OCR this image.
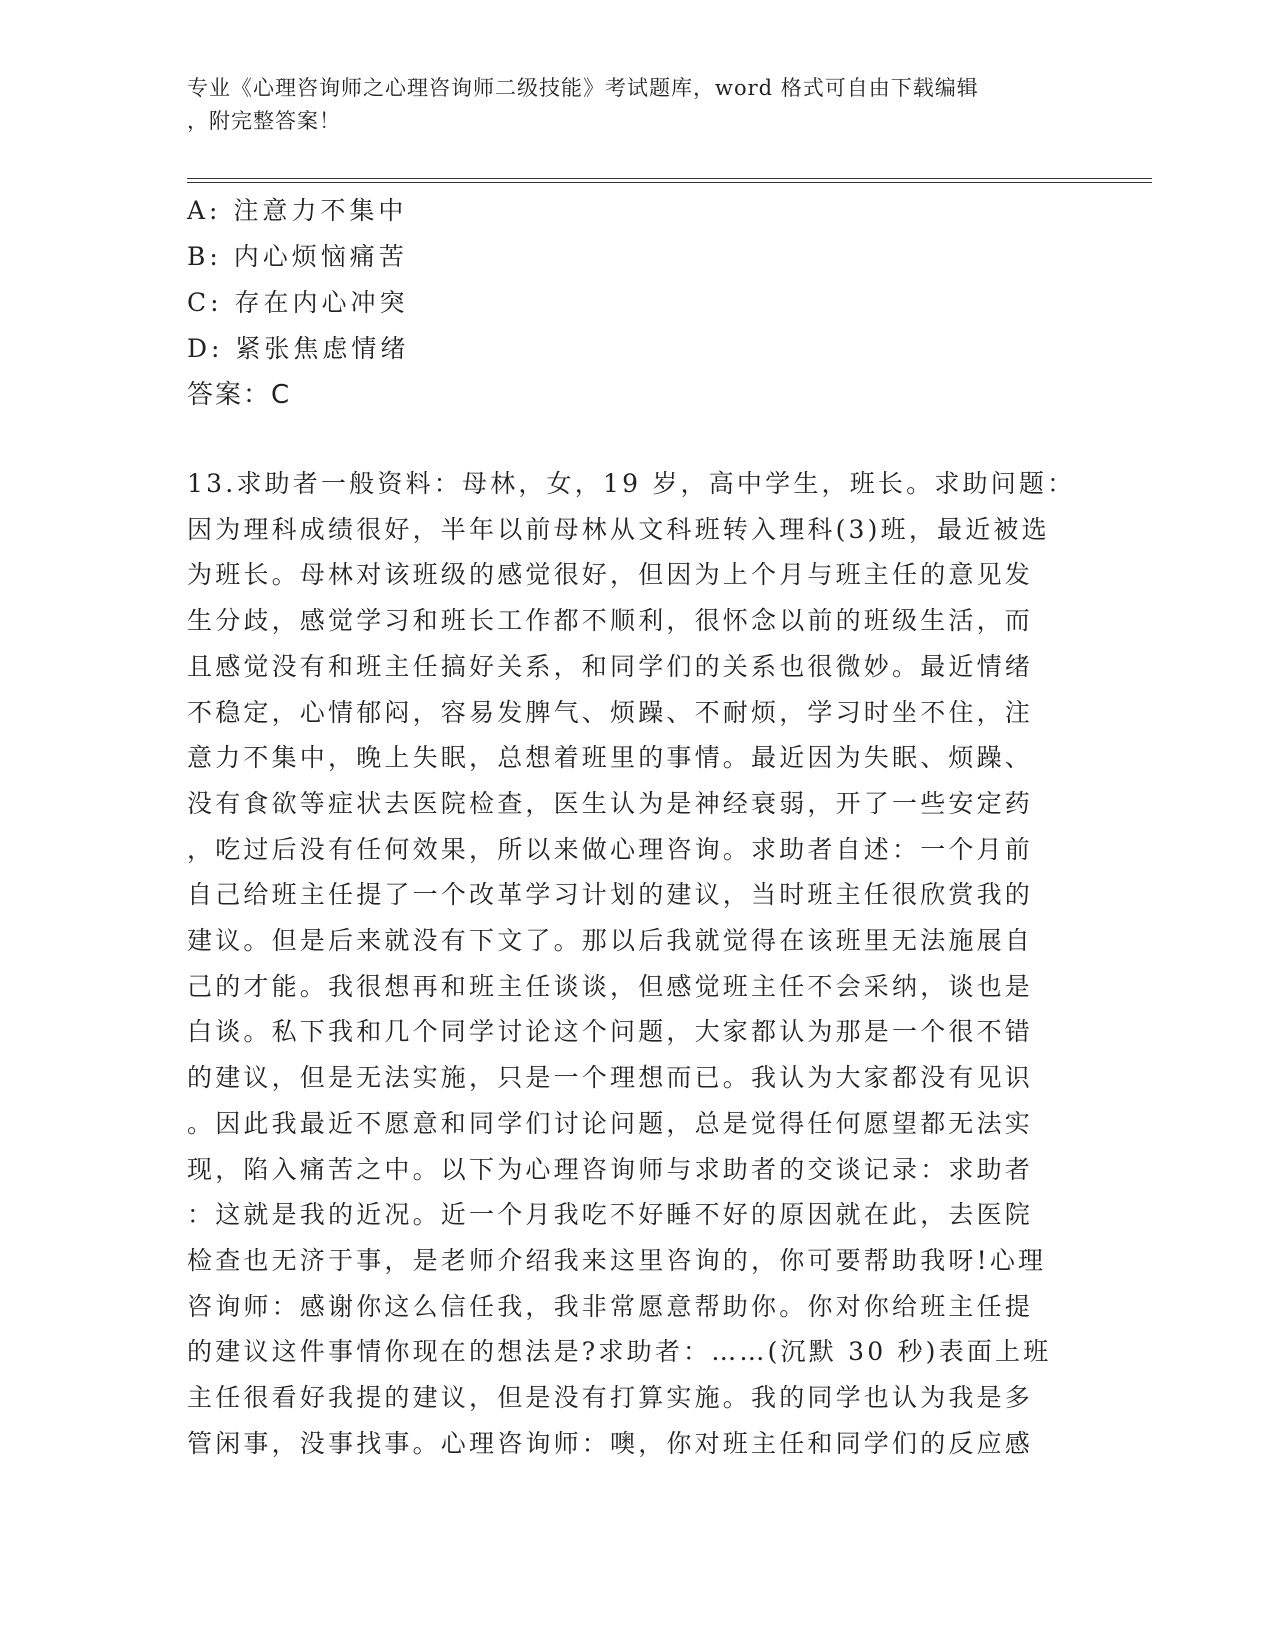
专业《心理咨询师之心理咨询师二级技能》考试题库，word 格式可自由下载编辑
，附完整答案！
A: 注意力不集中
B: 内心烦恼痛苦
C: 存在内心冲突
D: 紧张焦虑情绪
答案：C
13.求助者一般资料：母林，女，19 岁，高中学生，班长。求助问题：
因为理科成绩很好，半年以前母林从文科班转入理科(3)班，最近被选
为班长。母林对该班级的感觉很好，但因为上个月与班主任的意见发
生分歧，感觉学习和班长工作都不顺利，很怀念以前的班级生活，而
且感觉没有和班主任搞好关系，和同学们的关系也很微妙。最近情绪
不稳定，心情郁闷，容易发脾气、烦躁、不耐烦，学习时坐不住，注
意力不集中，晚上失眠，总想着班里的事情。最近因为失眠、烦躁、
没有食欲等症状去医院检查，医生认为是神经衰弱，开了一些安定药
，吃过后没有任何效果，所以来做心理咨询。求助者自述：一个月前
自己给班主任提了一个改革学习计划的建议，当时班主任很欣赏我的
建议。但是后来就没有下文了。那以后我就觉得在该班里无法施展自
己的才能。我很想再和班主任谈谈，但感觉班主任不会采纳，谈也是
白谈。私下我和几个同学讨论这个问题，大家都认为那是一个很不错
的建议，但是无法实施，只是一个理想而已。我认为大家都没有见识
。因此我最近不愿意和同学们讨论问题，总是觉得任何愿望都无法实
现，陷入痛苦之中。以下为心理咨询师与求助者的交谈记录：求助者
：这就是我的近况。近一个月我吃不好睡不好的原因就在此，去医院
检查也无济于事，是老师介绍我来这里咨询的，你可要帮助我呀!心理
咨询师：感谢你这么信任我，我非常愿意帮助你。你对你给班主任提
的建议这件事情你现在的想法是?求助者：……(沉默 30 秒)表面上班
主任很看好我提的建议，但是没有打算实施。我的同学也认为我是多
管闲事，没事找事。心理咨询师：噢，你对班主任和同学们的反应感
